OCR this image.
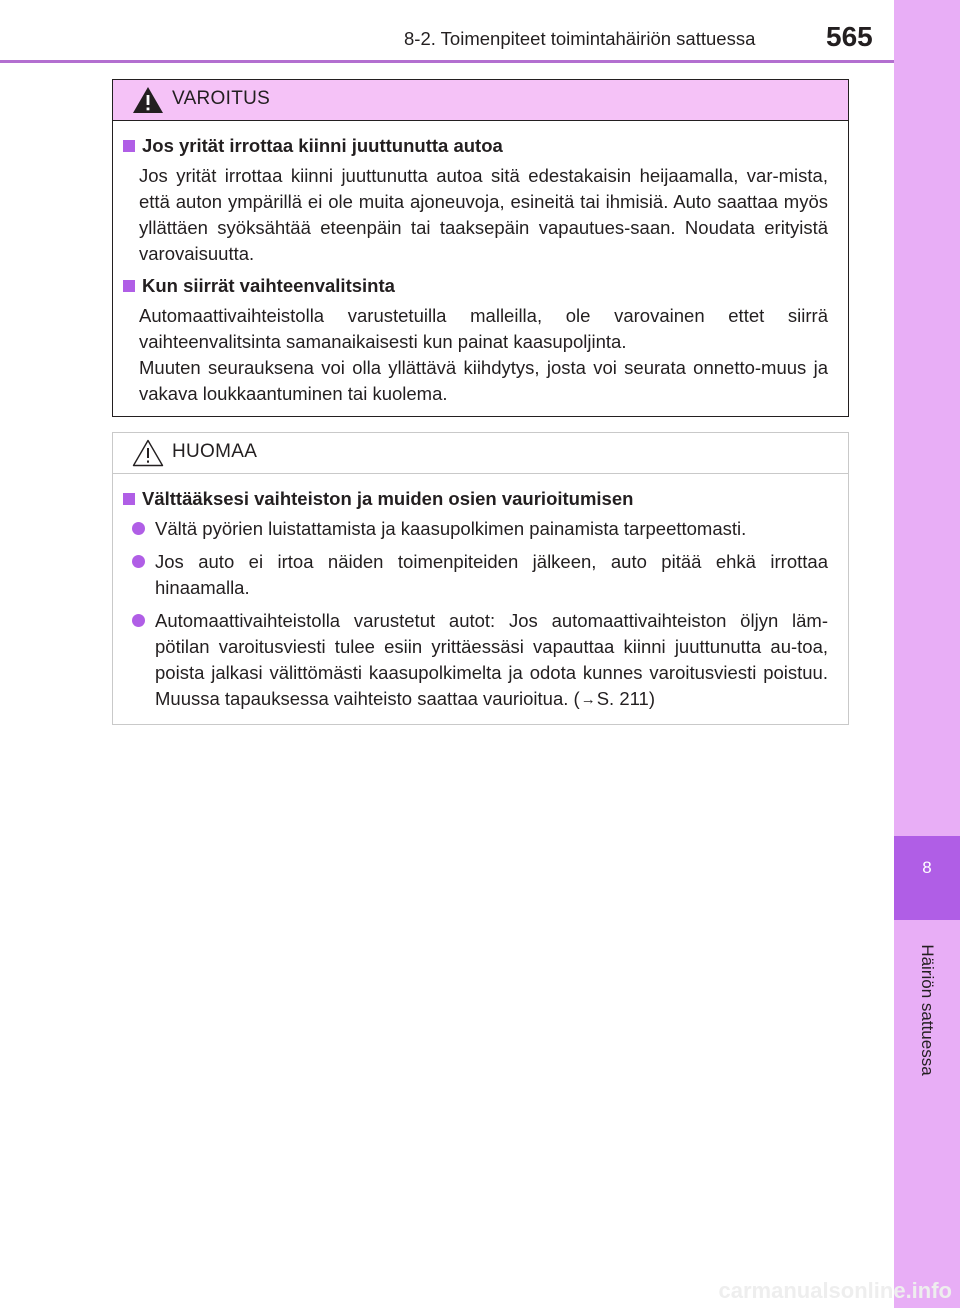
8-2. Toimenpiteet toimintahäiriön sattuessa	565
8
Häiriön sattuessa
VAROITUS
Jos yrität irrottaa kiinni juuttunutta autoa

Jos yrität irrottaa kiinni juuttunutta autoa sitä edestakaisin heijaamalla, var-mista, että auton ympärillä ei ole muita ajoneuvoja, esineitä tai ihmisiä. Auto saattaa myös yllättäen syöksähtää eteenpäin tai taaksepäin vapautues-saan. Noudata erityistä varovaisuutta.

Kun siirrät vaihteenvalitsinta

Automaattivaihteistolla varustetuilla malleilla, ole varovainen ettet siirrä vaihteenvalitsinta samanaikaisesti kun painat kaasupoljinta.

Muuten seurauksena voi olla yllättävä kiihdytys, josta voi seurata onnetto-muus ja vakava loukkaantuminen tai kuolema.

HUOMAA
Välttääksesi vaihteiston ja muiden osien vaurioitumisen
Vältä pyörien luistattamista ja kaasupolkimen painamista tarpeettomasti.
Jos auto ei irtoa näiden toimenpiteiden jälkeen, auto pitää ehkä irrottaa hinaamalla.
Automaattivaihteistolla varustetut autot: Jos automaattivaihteiston öljyn läm-pötilan varoitusviesti tulee esiin yrittäessäsi vapauttaa kiinni juuttunutta au-toa, poista jalkasi välittömästi kaasupolkimelta ja odota kunnes varoitusviesti poistuu. Muussa tapauksessa vaihteisto saattaa vaurioitua. (→S. 211)
carmanualsonline.info
